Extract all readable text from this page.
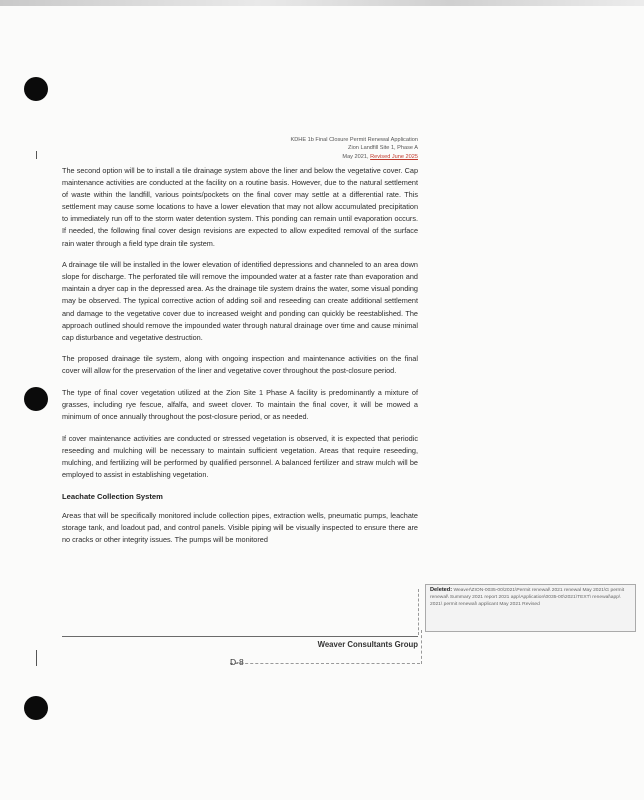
KDHE 1b Final Closure Permit Renewal Application
Zion Landfill Site 1, Phase A
May 2021, Revised June 2025

The second option will be to install a tile drainage system above the liner and below the vegetative cover. Cap maintenance activities are conducted at the facility on a routine basis. However, due to the natural settlement of waste within the landfill, various points/pockets on the final cover may settle at a differential rate. This settlement may cause some locations to have a lower elevation that may not allow accumulated precipitation to immediately run off to the storm water detention system. This ponding can remain until evaporation occurs. If needed, the following final cover design revisions are expected to allow expedited removal of the surface rain water through a field type drain tile system.

A drainage tile will be installed in the lower elevation of identified depressions and channeled to an area down slope for discharge. The perforated tile will remove the impounded water at a faster rate than evaporation and maintain a dryer cap in the depressed area. As the drainage tile system drains the water, some visual ponding may be observed. The typical corrective action of adding soil and reseeding can create additional settlement and damage to the vegetative cover due to increased weight and ponding can quickly be reestablished. The approach outlined should remove the impounded water through natural drainage over time and cause minimal cap disturbance and vegetative destruction.

The proposed drainage tile system, along with ongoing inspection and maintenance activities on the final cover will allow for the preservation of the liner and vegetative cover throughout the post-closure period.

The type of final cover vegetation utilized at the Zion Site 1 Phase A facility is predominantly a mixture of grasses, including rye fescue, alfalfa, and sweet clover. To maintain the final cover, it will be mowed a minimum of once annually throughout the post-closure period, or as needed.

If cover maintenance activities are conducted or stressed vegetation is observed, it is expected that periodic reseeding and mulching will be necessary to maintain sufficient vegetation. Areas that require reseeding, mulching, and fertilizing will be performed by qualified personnel. A balanced fertilizer and straw mulch will be employed to assist in establishing vegetation.

Leachate Collection System

Areas that will be specifically monitored include collection pipes, extraction wells, pneumatic pumps, leachate storage tank, and loadout pad, and control panels. Visible piping will be visually inspected to ensure there are no cracks or other integrity issues. The pumps will be monitored

Deleted: Weaver\ZION-0035-00\2021\Permit renewal\ 2021 renewal May 2021\G permit renewal\ Summary 2021 report 2021 app\Application\0035-00\2021\TEXT\ renewal\app\ 2021\ permit renewal\ applicant May 2021 Revised
Weaver Consultants Group
D-8
